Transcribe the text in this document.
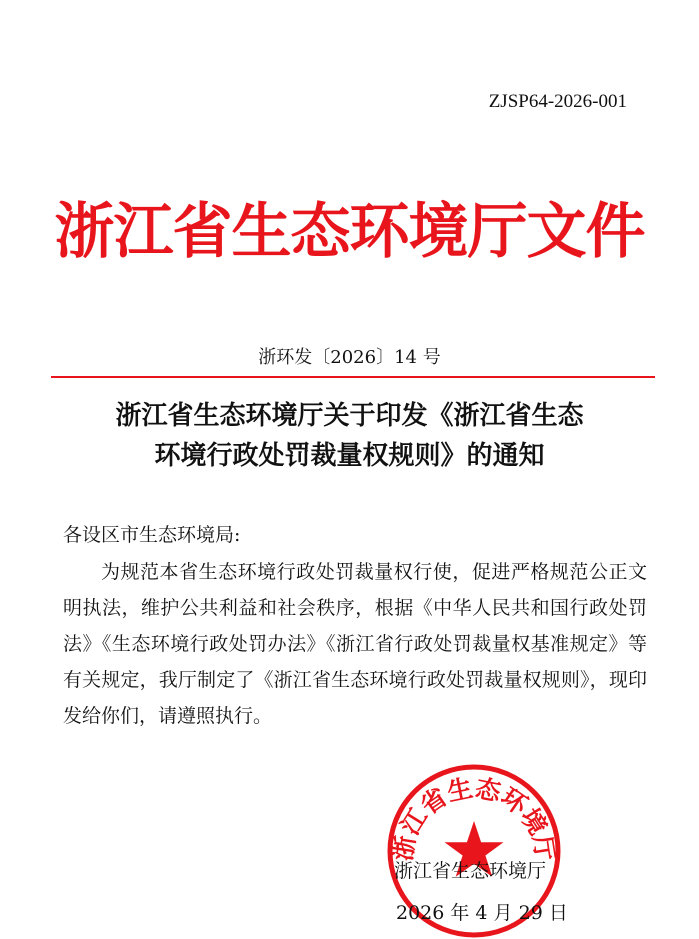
ZJSP64-2026-001
浙江省生态环境厅文件
浙环发〔2026〕14 号
浙江省生态环境厅关于印发《浙江省生态
环境行政处罚裁量权规则》的通知
各设区市生态环境局:

为规范本省生态环境行政处罚裁量权行使，促进严格规范公正文明执法，维护公共利益和社会秩序，根据《中华人民共和国行政处罚法》《生态环境行政处罚办法》《浙江省行政处罚裁量权基准规定》等有关规定，我厅制定了《浙江省生态环境行政处罚裁量权规则》，现印发给你们，请遵照执行。

浙江省生态环境厅
浙江省生态环境厅
2026 年 4 月 29 日
